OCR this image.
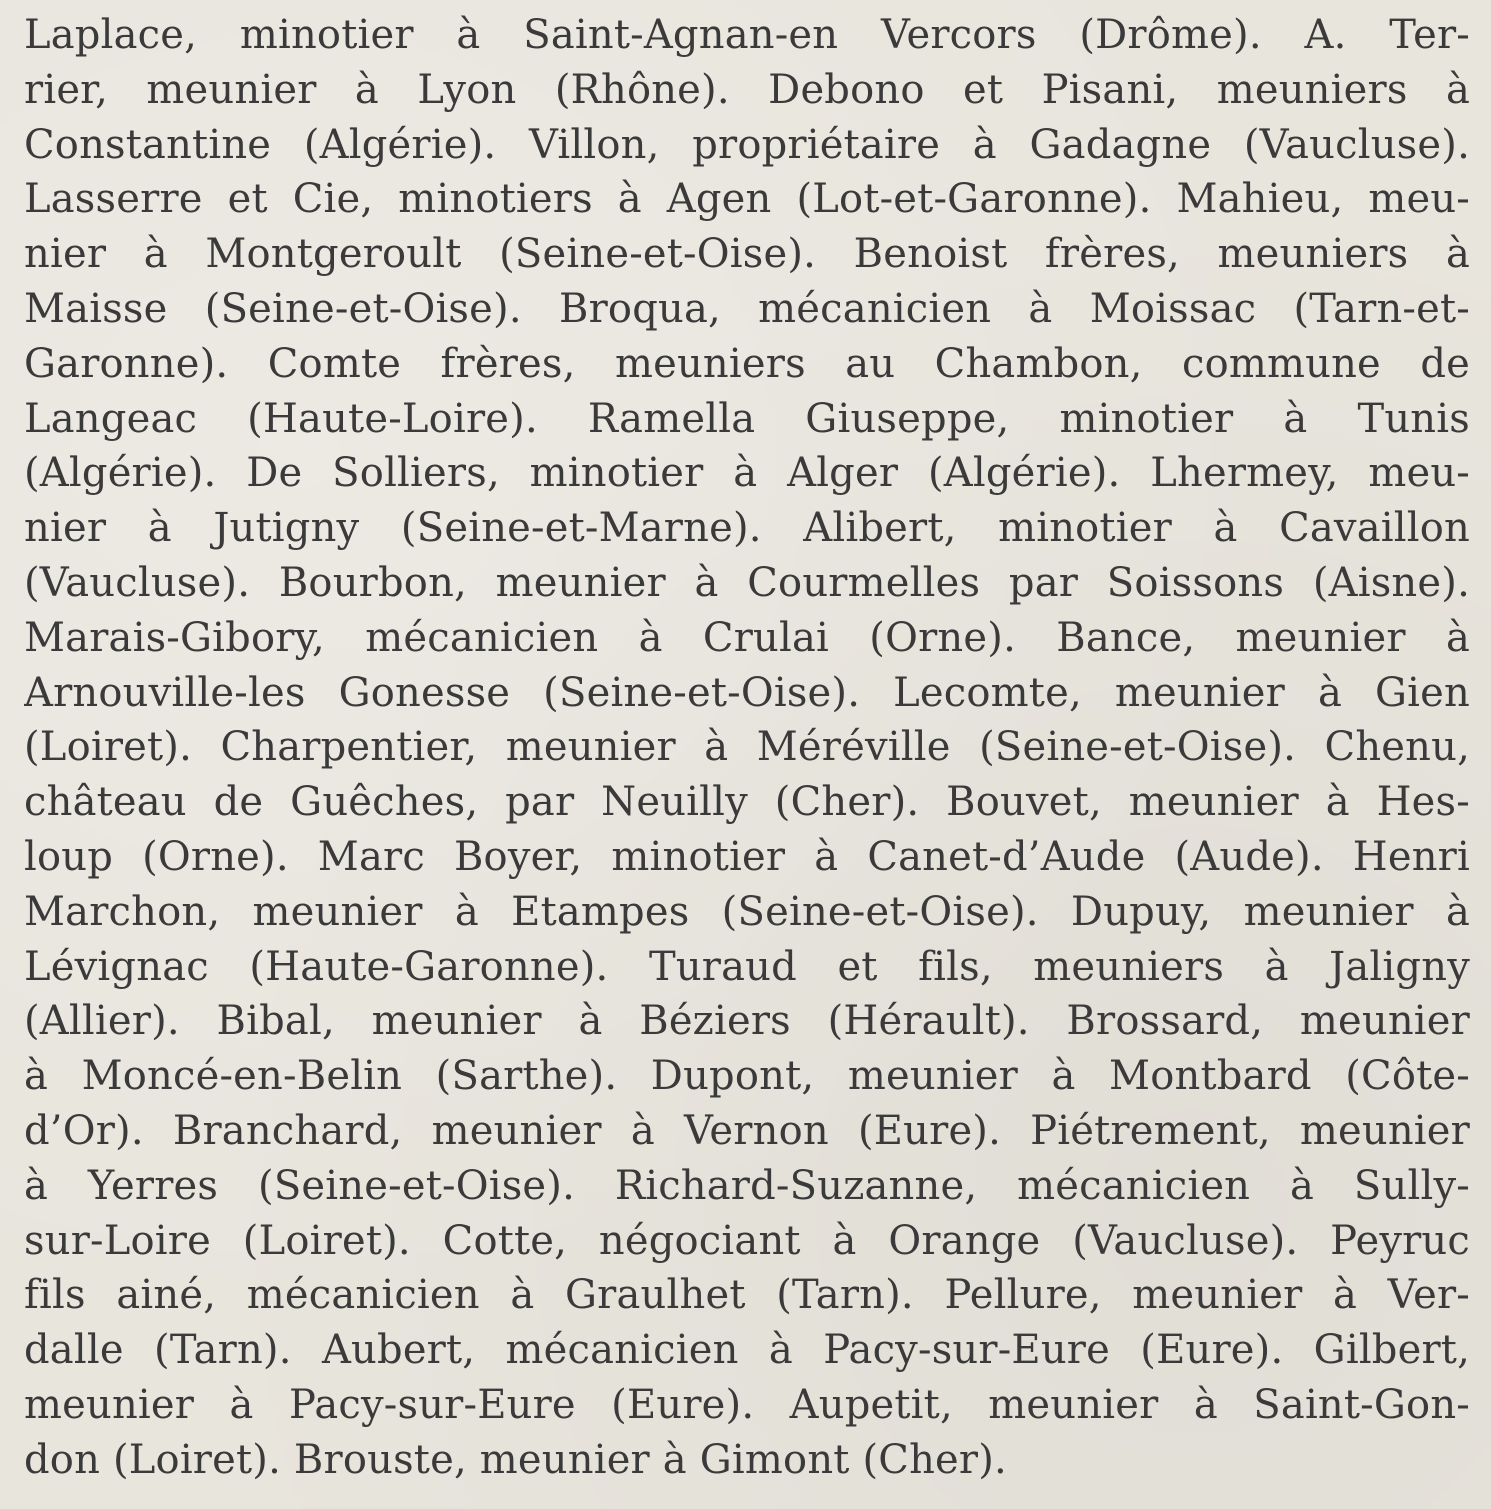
Laplace, minotier à Saint-Agnan-en Vercors (Drôme). A. Ter-
rier, meunier à Lyon (Rhône). Debono et Pisani, meuniers à
Constantine (Algérie). Villon, propriétaire à Gadagne (Vaucluse).
Lasserre et Cie, minotiers à Agen (Lot-et-Garonne). Mahieu, meu-
nier à Montgeroult (Seine-et-Oise). Benoist frères, meuniers à
Maisse (Seine-et-Oise). Broqua, mécanicien à Moissac (Tarn-et-
Garonne). Comte frères, meuniers au Chambon, commune de
Langeac (Haute-Loire). Ramella Giuseppe, minotier à Tunis
(Algérie). De Solliers, minotier à Alger (Algérie). Lhermey, meu-
nier à Jutigny (Seine-et-Marne). Alibert, minotier à Cavaillon
(Vaucluse). Bourbon, meunier à Courmelles par Soissons (Aisne).
Marais-Gibory, mécanicien à Crulai (Orne). Bance, meunier à
Arnouville-les Gonesse (Seine-et-Oise). Lecomte, meunier à Gien
(Loiret). Charpentier, meunier à Méréville (Seine-et-Oise). Chenu,
château de Guêches, par Neuilly (Cher). Bouvet, meunier à Hes-
loup (Orne). Marc Boyer, minotier à Canet-d’Aude (Aude). Henri
Marchon, meunier à Etampes (Seine-et-Oise). Dupuy, meunier à
Lévignac (Haute-Garonne). Turaud et fils, meuniers à Jaligny
(Allier). Bibal, meunier à Béziers (Hérault). Brossard, meunier
à Moncé-en-Belin (Sarthe). Dupont, meunier à Montbard (Côte-
d’Or). Branchard, meunier à Vernon (Eure). Piétrement, meunier
à Yerres (Seine-et-Oise). Richard-Suzanne, mécanicien à Sully-
sur-Loire (Loiret). Cotte, négociant à Orange (Vaucluse). Peyruc
fils ainé, mécanicien à Graulhet (Tarn). Pellure, meunier à Ver-
dalle (Tarn). Aubert, mécanicien à Pacy-sur-Eure (Eure). Gilbert,
meunier à Pacy-sur-Eure (Eure). Aupetit, meunier à Saint-Gon-
don (Loiret). Brouste, meunier à Gimont (Cher).
